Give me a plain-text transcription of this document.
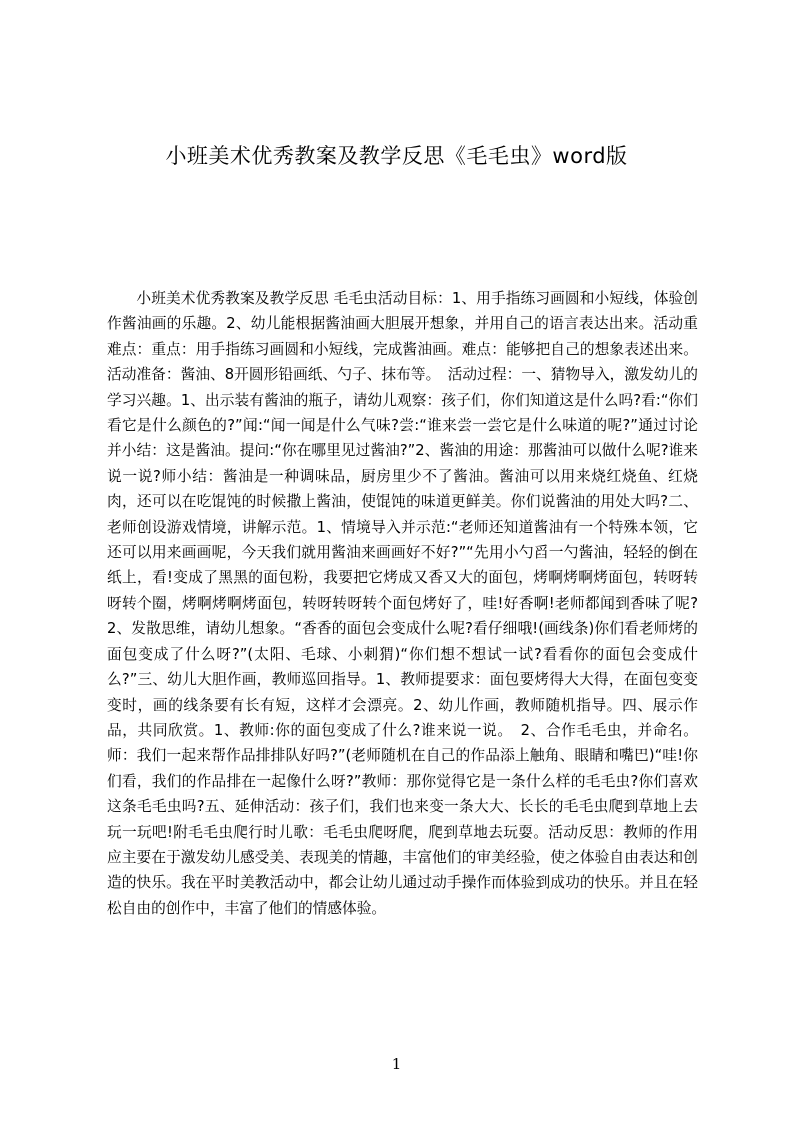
小班美术优秀教案及教学反思《毛毛虫》word版

小班美术优秀教案及教学反思 毛毛虫活动目标：1、用手指练习画圆和小短线，体验创作酱油画的乐趣。2、幼儿能根据酱油画大胆展开想象，并用自己的语言表达出来。活动重难点：重点：用手指练习画圆和小短线，完成酱油画。难点：能够把自己的想象表述出来。活动准备：酱油、8开圆形铅画纸、勺子、抹布等。　活动过程：一、猜物导入，激发幼儿的学习兴趣。1、出示装有酱油的瓶子，请幼儿观察：孩子们，你们知道这是什么吗?看:“你们看它是什么颜色的?”闻:“闻一闻是什么气味?尝:“谁来尝一尝它是什么味道的呢?”通过讨论并小结：这是酱油。提问:“你在哪里见过酱油?”2、酱油的用途：那酱油可以做什么呢?谁来说一说?师小结：酱油是一种调味品，厨房里少不了酱油。酱油可以用来烧红烧鱼、红烧肉，还可以在吃馄饨的时候撒上酱油，使馄饨的味道更鲜美。你们说酱油的用处大吗?二、老师创设游戏情境，讲解示范。1、情境导入并示范:“老师还知道酱油有一个特殊本领，它还可以用来画画呢，今天我们就用酱油来画画好不好?”“先用小勺舀一勺酱油，轻轻的倒在纸上，看!变成了黑黑的面包粉，我要把它烤成又香又大的面包，烤啊烤啊烤面包，转呀转呀转个圈，烤啊烤啊烤面包，转呀转呀转个面包烤好了，哇!好香啊!老师都闻到香味了呢?2、发散思维，请幼儿想象。“香香的面包会变成什么呢?看仔细哦!(画线条)你们看老师烤的面包变成了什么呀?”(太阳、毛球、小刺猬)“你们想不想试一试?看看你的面包会变成什么?”三、幼儿大胆作画，教师巡回指导。1、教师提要求：面包要烤得大大得，在面包变变变时，画的线条要有长有短，这样才会漂亮。2、幼儿作画，教师随机指导。四、展示作品，共同欣赏。1、教师:你的面包变成了什么?谁来说一说。　2、合作毛毛虫，并命名。师：我们一起来帮作品排排队好吗?”(老师随机在自己的作品添上触角、眼睛和嘴巴)“哇!你们看，我们的作品排在一起像什么呀?”教师：那你觉得它是一条什么样的毛毛虫?你们喜欢这条毛毛虫吗?五、延伸活动：孩子们，我们也来变一条大大、长长的毛毛虫爬到草地上去玩一玩吧!附毛毛虫爬行时儿歌：毛毛虫爬呀爬，爬到草地去玩耍。活动反思：教师的作用应主要在于激发幼儿感受美、表现美的情趣，丰富他们的审美经验，使之体验自由表达和创造的快乐。我在平时美教活动中，都会让幼儿通过动手操作而体验到成功的快乐。并且在轻松自由的创作中，丰富了他们的情感体验。

1
